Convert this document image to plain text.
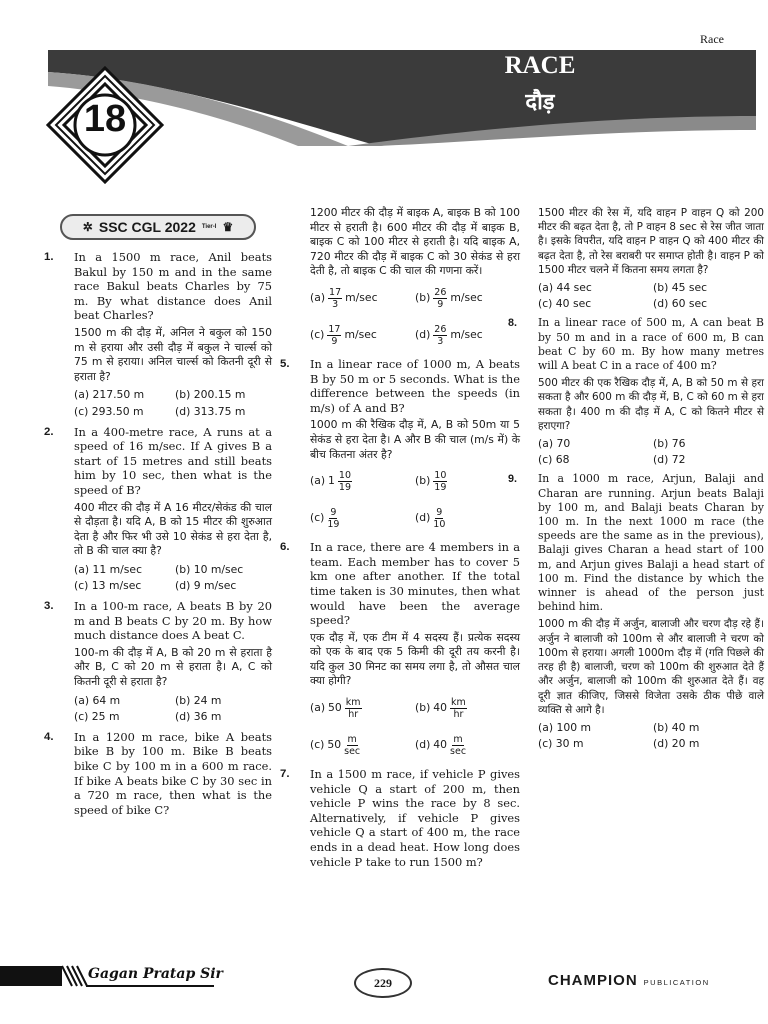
Race
18
RACE
दौड़
✲ SSC CGL 2022 Tier-I ♛
1. In a 1500 m race, Anil beats Bakul by 150 m and in the same race Bakul beats Charles by 75 m. By what distance does Anil beat Charles?

1500 m की दौड़ में, अनिल ने बकुल को 150 m से हराया और उसी दौड़ में बकुल ने चार्ल्स को 75 m से हराया। अनिल चार्ल्स को कितनी दूरी से हराता है?

(a) 217.50 m	(b) 200.15 m
(c) 293.50 m	(d) 313.75 m
2. In a 400-metre race, A runs at a speed of 16 m/sec. If A gives B a start of 15 metres and still beats him by 10 sec, then what is the speed of B?

400 मीटर की दौड़ में A 16 मीटर/सेकंड की चाल से दौड़ता है। यदि A, B को 15 मीटर की शुरुआत देता है और फिर भी उसे 10 सेकंड से हरा देता है, तो B की चाल क्या है?

(a) 11 m/sec	(b) 10 m/sec
(c) 13 m/sec	(d) 9 m/sec
3. In a 100-m race, A beats B by 20 m and B beats C by 20 m. By how much distance does A beat C.

100-m की दौड़ में A, B को 20 m से हराता है और B, C को 20 m से हराता है। A, C को कितनी दूरी से हराता है?

(a) 64 m	(b) 24 m
(c) 25 m	(d) 36 m
4. In a 1200 m race, bike A beats bike B by 100 m. Bike B beats bike C by 100 m in a 600 m race. If bike A beats bike C by 30 sec in a 720 m race, then what is the speed of bike C?

1200 मीटर की दौड़ में बाइक A, बाइक B को 100 मीटर से हराती है। 600 मीटर की दौड़ में बाइक B, बाइक C को 100 मीटर से हराती है। यदि बाइक A, 720 मीटर की दौड़ में बाइक C को 30 सेकंड से हरा देती है, तो बाइक C की चाल की गणना करें।

$(a) \frac{17}{3} m/\sec$	$(b) \frac{26}{9} m/\sec$
$(c) \frac{17}{9} m/\sec$	$(d) \frac{26}{3} m/\sec$
5. In a linear race of 1000 m, A beats B by 50 m or 5 seconds. What is the difference between the speeds (in m/s) of A and B?

1000 m की रैखिक दौड़ में, A, B को 50m या 5 सेकंड से हरा देता है। A और B की चाल (m/s में) के बीच कितना अंतर है?

(a) $1 \frac{10}{19}$	$(b) \frac{10}{19}$
$(c) \frac{9}{19}$	$(d) \frac{9}{10}$
6. In a race, there are 4 members in a team. Each member has to cover 5 km one after another. If the total time taken is 30 minutes, then what would have been the average speed?

एक दौड़ में, एक टीम में 4 सदस्य हैं। प्रत्येक सदस्य को एक के बाद एक 5 किमी की दूरी तय करनी है। यदि कुल 30 मिनट का समय लगा है, तो औसत चाल क्या होगी?

(a) $50 \frac{km}{hr}$	(b) $40 \frac{km}{hr}$
(c) $50 \frac{m}{\sec}$	(d) $40 \frac{m}{\sec}$
7. In a 1500 m race, if vehicle P gives vehicle Q a start of 200 m, then vehicle P wins the race by 8 sec. Alternatively, if vehicle P gives vehicle Q a start of 400 m, the race ends in a dead heat. How long does vehicle P take to run 1500 m?

1500 मीटर की रेस में, यदि वाहन P वाहन Q को 200 मीटर की बढ़त देता है, तो P वाहन 8 sec से रेस जीत जाता है। इसके विपरीत, यदि वाहन P वाहन Q को 400 मीटर की बढ़त देता है, तो रेस बराबरी पर समाप्त होती है। वाहन P को 1500 मीटर चलने में कितना समय लगता है?

(a) 44 sec	(b) 45 sec
(c) 40 sec	(d) 60 sec
8. In a linear race of 500 m, A can beat B by 50 m and in a race of 600 m, B can beat C by 60 m. By how many metres will A beat C in a race of 400 m?

500 मीटर की एक रैखिक दौड़ में, A, B को 50 m से हरा सकता है और 600 m की दौड़ में, B, C को 60 m से हरा सकता है। 400 m की दौड़ में A, C को कितने मीटर से हराएगा?

(a) 70	(b) 76
(c) 68	(d) 72
9. In a 1000 m race, Arjun, Balaji and Charan are running. Arjun beats Balaji by 100 m, and Balaji beats Charan by 100 m. In the next 1000 m race (the speeds are the same as in the previous), Balaji gives Charan a head start of 100 m, and Arjun gives Balaji a head start of 100 m. Find the distance by which the winner is ahead of the person just behind him.

1000 m की दौड़ में अर्जुन, बालाजी और चरण दौड़ रहे हैं। अर्जुन ने बालाजी को 100m से और बालाजी ने चरण को 100m से हराया। अगली 1000m दौड़ में (गति पिछले की तरह ही है) बालाजी, चरण को 100m की शुरुआत देते हैं और अर्जुन, बालाजी को 100m की शुरुआत देते हैं। वह दूरी ज्ञात कीजिए, जिससे विजेता उसके ठीक पीछे वाले व्यक्ति से आगे है।

(a) 100 m	(b) 40 m
(c) 30 m	(d) 20 m
Gagan Pratap Sir
229	CHAMPION PUBLICATION
